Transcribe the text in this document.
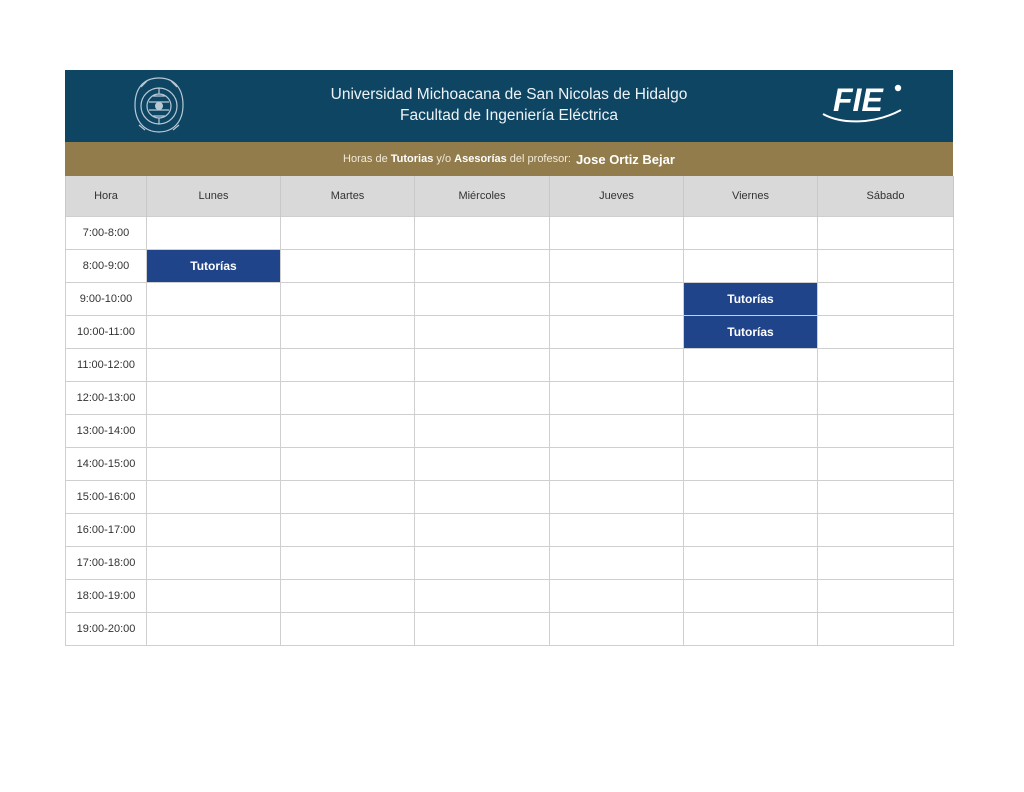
Universidad Michoacana de San Nicolas de Hidalgo
Facultad de Ingeniería Eléctrica	FIE
Horas de
Tutorias
y/o
Asesorías
del profesor: Jose Ortiz Bejar
Hora	Lunes	Martes	Miércoles	Jueves	Viernes	Sábado
7:00-8:00						
8:00-9:00	Tutorías					
9:00-10:00					Tutorías	
10:00-11:00					Tutorías	
11:00-12:00						
12:00-13:00						
13:00-14:00						
14:00-15:00						
15:00-16:00						
16:00-17:00						
17:00-18:00						
18:00-19:00						
19:00-20:00						
